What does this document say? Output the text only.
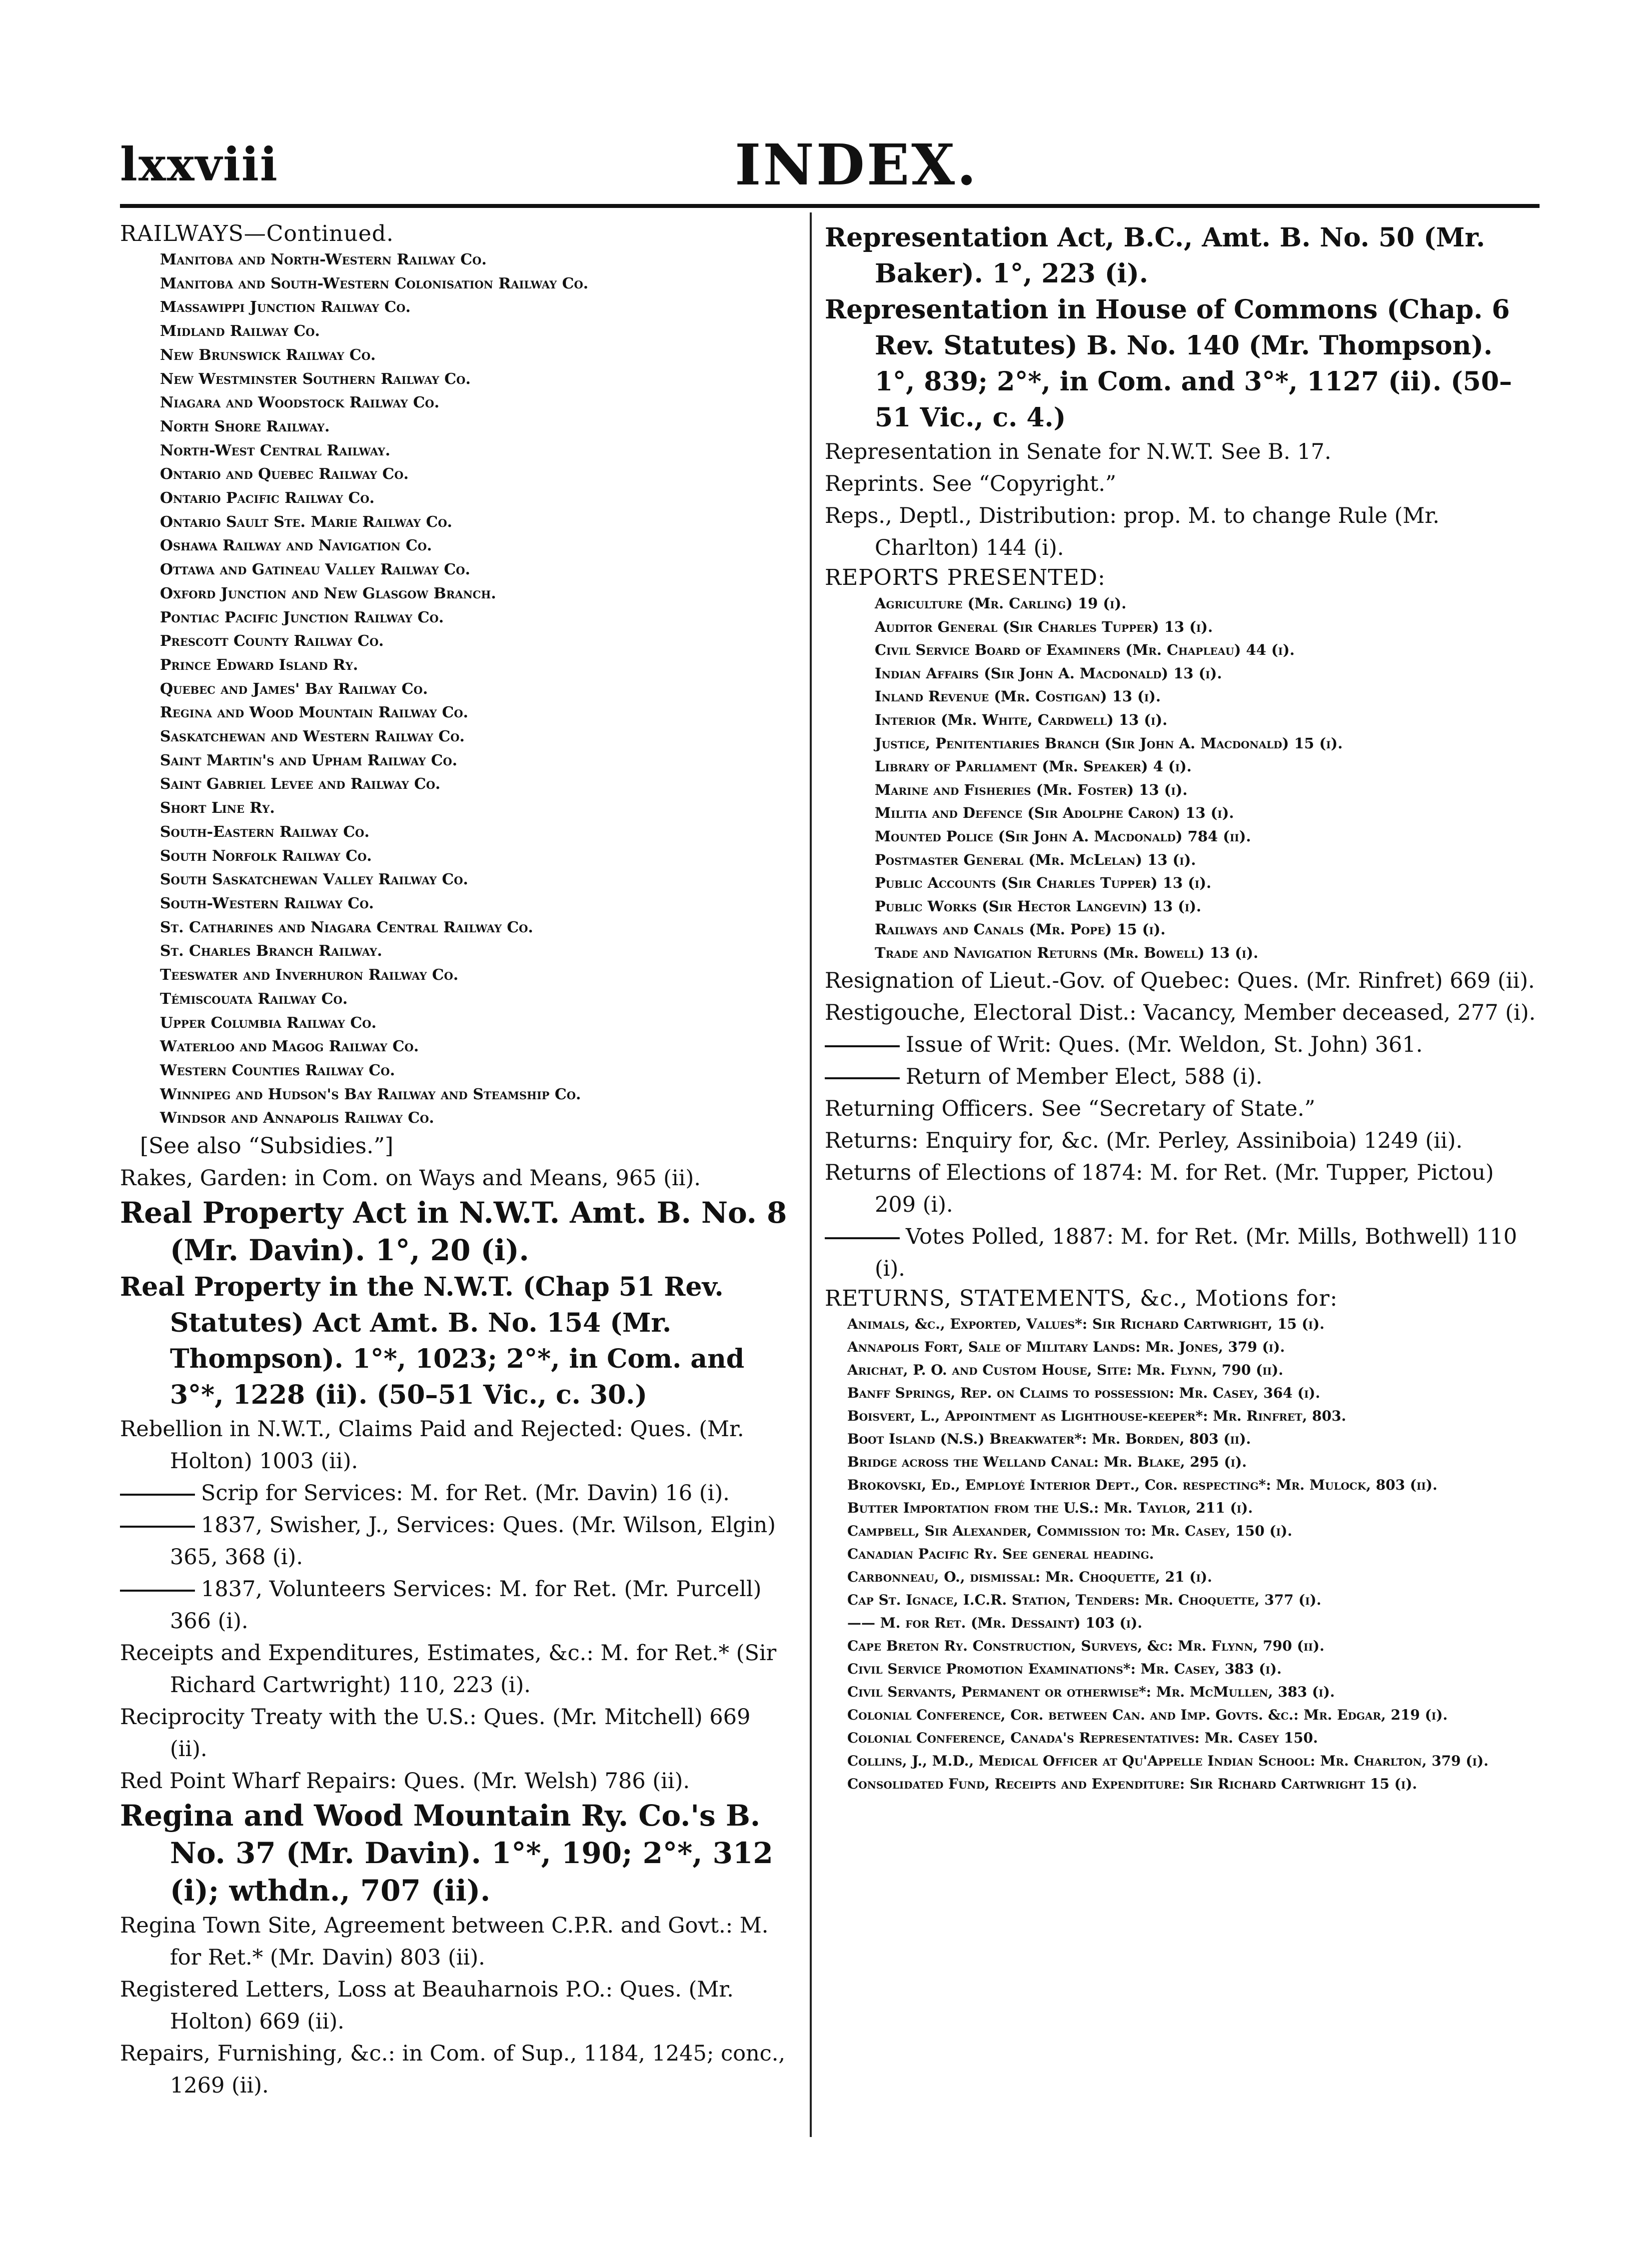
lxxviii	INDEX.

RAILWAYS—Continued.

Manitoba and North-Western Railway Co.

Manitoba and South-Western Colonisation Railway Co.

Massawippi Junction Railway Co.

Midland Railway Co.

New Brunswick Railway Co.

New Westminster Southern Railway Co.

Niagara and Woodstock Railway Co.

North Shore Railway.

North-West Central Railway.

Ontario and Quebec Railway Co.

Ontario Pacific Railway Co.

Ontario Sault Ste. Marie Railway Co.

Oshawa Railway and Navigation Co.

Ottawa and Gatineau Valley Railway Co.

Oxford Junction and New Glasgow Branch.

Pontiac Pacific Junction Railway Co.

Prescott County Railway Co.

Prince Edward Island Ry.

Quebec and James' Bay Railway Co.

Regina and Wood Mountain Railway Co.

Saskatchewan and Western Railway Co.

Saint Martin's and Upham Railway Co.

Saint Gabriel Levee and Railway Co.

Short Line Ry.

South-Eastern Railway Co.

South Norfolk Railway Co.

South Saskatchewan Valley Railway Co.

South-Western Railway Co.

St. Catharines and Niagara Central Railway Co.

St. Charles Branch Railway.

Teeswater and Inverhuron Railway Co.

Témiscouata Railway Co.

Upper Columbia Railway Co.

Waterloo and Magog Railway Co.

Western Counties Railway Co.

Winnipeg and Hudson's Bay Railway and Steamship Co.

Windsor and Annapolis Railway Co.

[See also “Subsidies.”]

Rakes, Garden: in Com. on Ways and Means, 965 (ii).

Real Property Act in N.W.T. Amt. B. No. 8 (Mr. Davin). 1°, 20 (i).

Real Property in the N.W.T. (Chap 51 Rev. Statutes) Act Amt. B. No. 154 (Mr. Thompson). 1°*, 1023; 2°*, in Com. and 3°*, 1228 (ii). (50–51 Vic., c. 30.)

Rebellion in N.W.T., Claims Paid and Rejected: Ques. (Mr. Holton) 1003 (ii).

Scrip for Services: M. for Ret. (Mr. Davin) 16 (i).

1837, Swisher, J., Services: Ques. (Mr. Wilson, Elgin) 365, 368 (i).

1837, Volunteers Services: M. for Ret. (Mr. Purcell) 366 (i).

Receipts and Expenditures, Estimates, &c.: M. for Ret.* (Sir Richard Cartwright) 110, 223 (i).

Reciprocity Treaty with the U.S.: Ques. (Mr. Mitchell) 669 (ii).

Red Point Wharf Repairs: Ques. (Mr. Welsh) 786 (ii).

Regina and Wood Mountain Ry. Co.'s B. No. 37 (Mr. Davin). 1°*, 190; 2°*, 312 (i); wthdn., 707 (ii).

Regina Town Site, Agreement between C.P.R. and Govt.: M. for Ret.* (Mr. Davin) 803 (ii).

Registered Letters, Loss at Beauharnois P.O.: Ques. (Mr. Holton) 669 (ii).

Repairs, Furnishing, &c.: in Com. of Sup., 1184, 1245; conc., 1269 (ii).

Representation Act, B.C., Amt. B. No. 50 (Mr. Baker). 1°, 223 (i).

Representation in House of Commons (Chap. 6 Rev. Statutes) B. No. 140 (Mr. Thompson). 1°, 839; 2°*, in Com. and 3°*, 1127 (ii). (50–51 Vic., c. 4.)

Representation in Senate for N.W.T. See B. 17.

Reprints. See “Copyright.”

Reps., Deptl., Distribution: prop. M. to change Rule (Mr. Charlton) 144 (i).

REPORTS PRESENTED:

Agriculture (Mr. Carling) 19 (i).

Auditor General (Sir Charles Tupper) 13 (i).

Civil Service Board of Examiners (Mr. Chapleau) 44 (i).

Indian Affairs (Sir John A. Macdonald) 13 (i).

Inland Revenue (Mr. Costigan) 13 (i).

Interior (Mr. White, Cardwell) 13 (i).

Justice, Penitentiaries Branch (Sir John A. Macdonald) 15 (i).

Library of Parliament (Mr. Speaker) 4 (i).

Marine and Fisheries (Mr. Foster) 13 (i).

Militia and Defence (Sir Adolphe Caron) 13 (i).

Mounted Police (Sir John A. Macdonald) 784 (ii).

Postmaster General (Mr. McLelan) 13 (i).

Public Accounts (Sir Charles Tupper) 13 (i).

Public Works (Sir Hector Langevin) 13 (i).

Railways and Canals (Mr. Pope) 15 (i).

Trade and Navigation Returns (Mr. Bowell) 13 (i).

Resignation of Lieut.-Gov. of Quebec: Ques. (Mr. Rinfret) 669 (ii).

Restigouche, Electoral Dist.: Vacancy, Member deceased, 277 (i).

Issue of Writ: Ques. (Mr. Weldon, St. John) 361.

Return of Member Elect, 588 (i).

Returning Officers. See “Secretary of State.”

Returns: Enquiry for, &c. (Mr. Perley, Assiniboia) 1249 (ii).

Returns of Elections of 1874: M. for Ret. (Mr. Tupper, Pictou) 209 (i).

Votes Polled, 1887: M. for Ret. (Mr. Mills, Bothwell) 110 (i).

RETURNS, STATEMENTS, &c., Motions for:

Animals, &c., Exported, Values*: Sir Richard Cartwright, 15 (i).

Annapolis Fort, Sale of Military Lands: Mr. Jones, 379 (i).

Arichat, P. O. and Custom House, Site: Mr. Flynn, 790 (ii).

Banff Springs, Rep. on Claims to possession: Mr. Casey, 364 (i).

Boisvert, L., Appointment as Lighthouse-keeper*: Mr. Rinfret, 803.

Boot Island (N.S.) Breakwater*: Mr. Borden, 803 (ii).

Bridge across the Welland Canal: Mr. Blake, 295 (i).

Brokovski, Ed., Employé Interior Dept., Cor. respecting*: Mr. Mulock, 803 (ii).

Butter Importation from the U.S.: Mr. Taylor, 211 (i).

Campbell, Sir Alexander, Commission to: Mr. Casey, 150 (i).

Canadian Pacific Ry. See general heading.

Carbonneau, O., dismissal: Mr. Choquette, 21 (i).

Cap St. Ignace, I.C.R. Station, Tenders: Mr. Choquette, 377 (i).

—— M. for Ret. (Mr. Dessaint) 103 (i).

Cape Breton Ry. Construction, Surveys, &c: Mr. Flynn, 790 (ii).

Civil Service Promotion Examinations*: Mr. Casey, 383 (i).

Civil Servants, Permanent or otherwise*: Mr. McMullen, 383 (i).

Colonial Conference, Cor. between Can. and Imp. Govts. &c.: Mr. Edgar, 219 (i).

Colonial Conference, Canada's Representatives: Mr. Casey 150.

Collins, J., M.D., Medical Officer at Qu'Appelle Indian School: Mr. Charlton, 379 (i).

Consolidated Fund, Receipts and Expenditure: Sir Richard Cartwright 15 (i).
